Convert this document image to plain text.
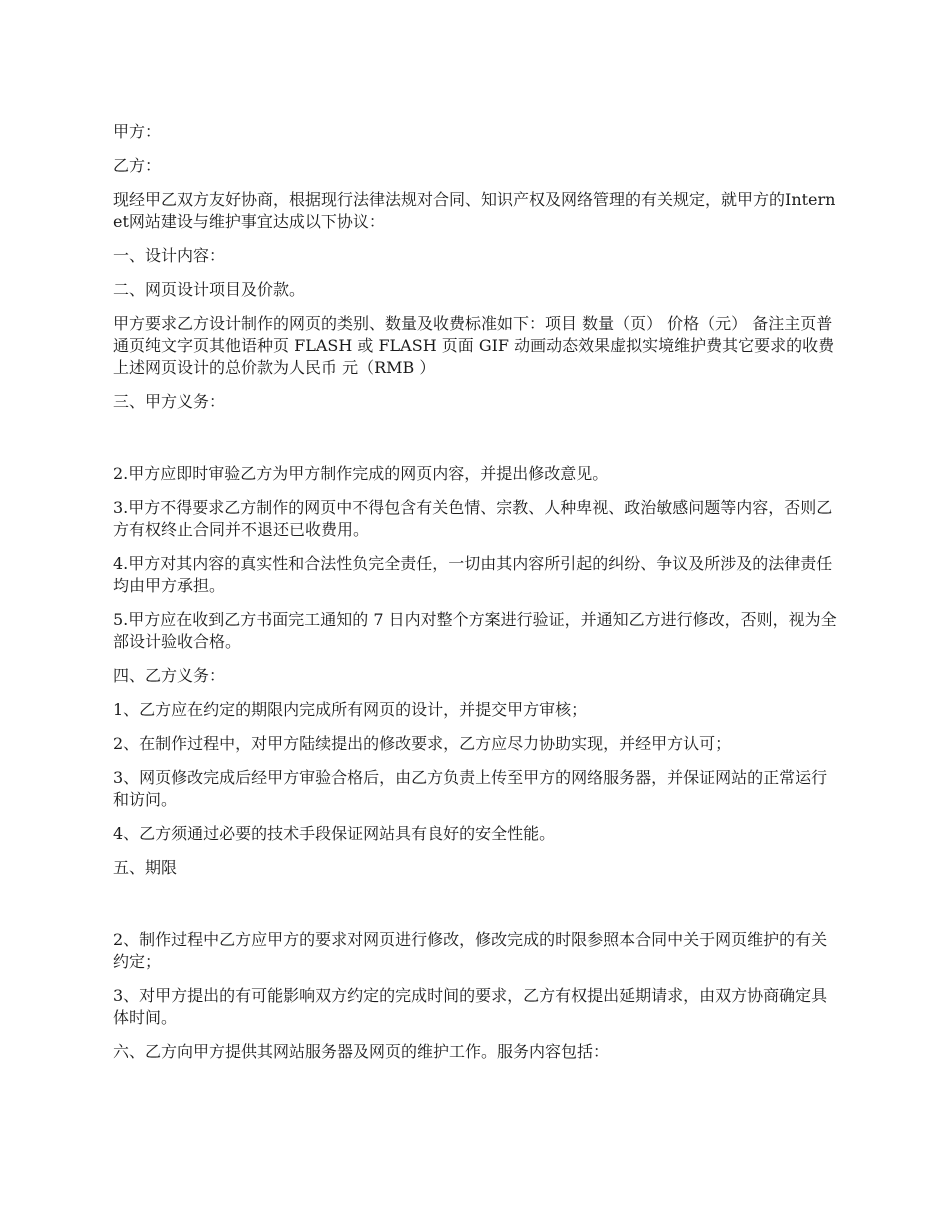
甲方：

乙方：

现经甲乙双方友好协商，根据现行法律法规对合同、知识产权及网络管理的有关规定，就甲方的Internet网站建设与维护事宜达成以下协议：

一、设计内容：

二、网页设计项目及价款。

甲方要求乙方设计制作的网页的类别、数量及收费标准如下：项目 数量（页） 价格（元） 备注主页普通页纯文字页其他语种页 FLASH 或 FLASH 页面 GIF 动画动态效果虚拟实境维护费其它要求的收费上述网页设计的总价款为人民币 元（RMB ）

三、甲方义务：

2.甲方应即时审验乙方为甲方制作完成的网页内容，并提出修改意见。

3.甲方不得要求乙方制作的网页中不得包含有关色情、宗教、人种卑视、政治敏感问题等内容，否则乙方有权终止合同并不退还已收费用。

4.甲方对其内容的真实性和合法性负完全责任，一切由其内容所引起的纠纷、争议及所涉及的法律责任均由甲方承担。

5.甲方应在收到乙方书面完工通知的 7 日内对整个方案进行验证，并通知乙方进行修改，否则，视为全部设计验收合格。

四、乙方义务：

1、乙方应在约定的期限内完成所有网页的设计，并提交甲方审核；

2、在制作过程中，对甲方陆续提出的修改要求，乙方应尽力协助实现，并经甲方认可；

3、网页修改完成后经甲方审验合格后，由乙方负责上传至甲方的网络服务器，并保证网站的正常运行和访问。

4、乙方须通过必要的技术手段保证网站具有良好的安全性能。

五、期限

2、制作过程中乙方应甲方的要求对网页进行修改，修改完成的时限参照本合同中关于网页维护的有关约定；

3、对甲方提出的有可能影响双方约定的完成时间的要求，乙方有权提出延期请求，由双方协商确定具体时间。

六、乙方向甲方提供其网站服务器及网页的维护工作。服务内容包括：
